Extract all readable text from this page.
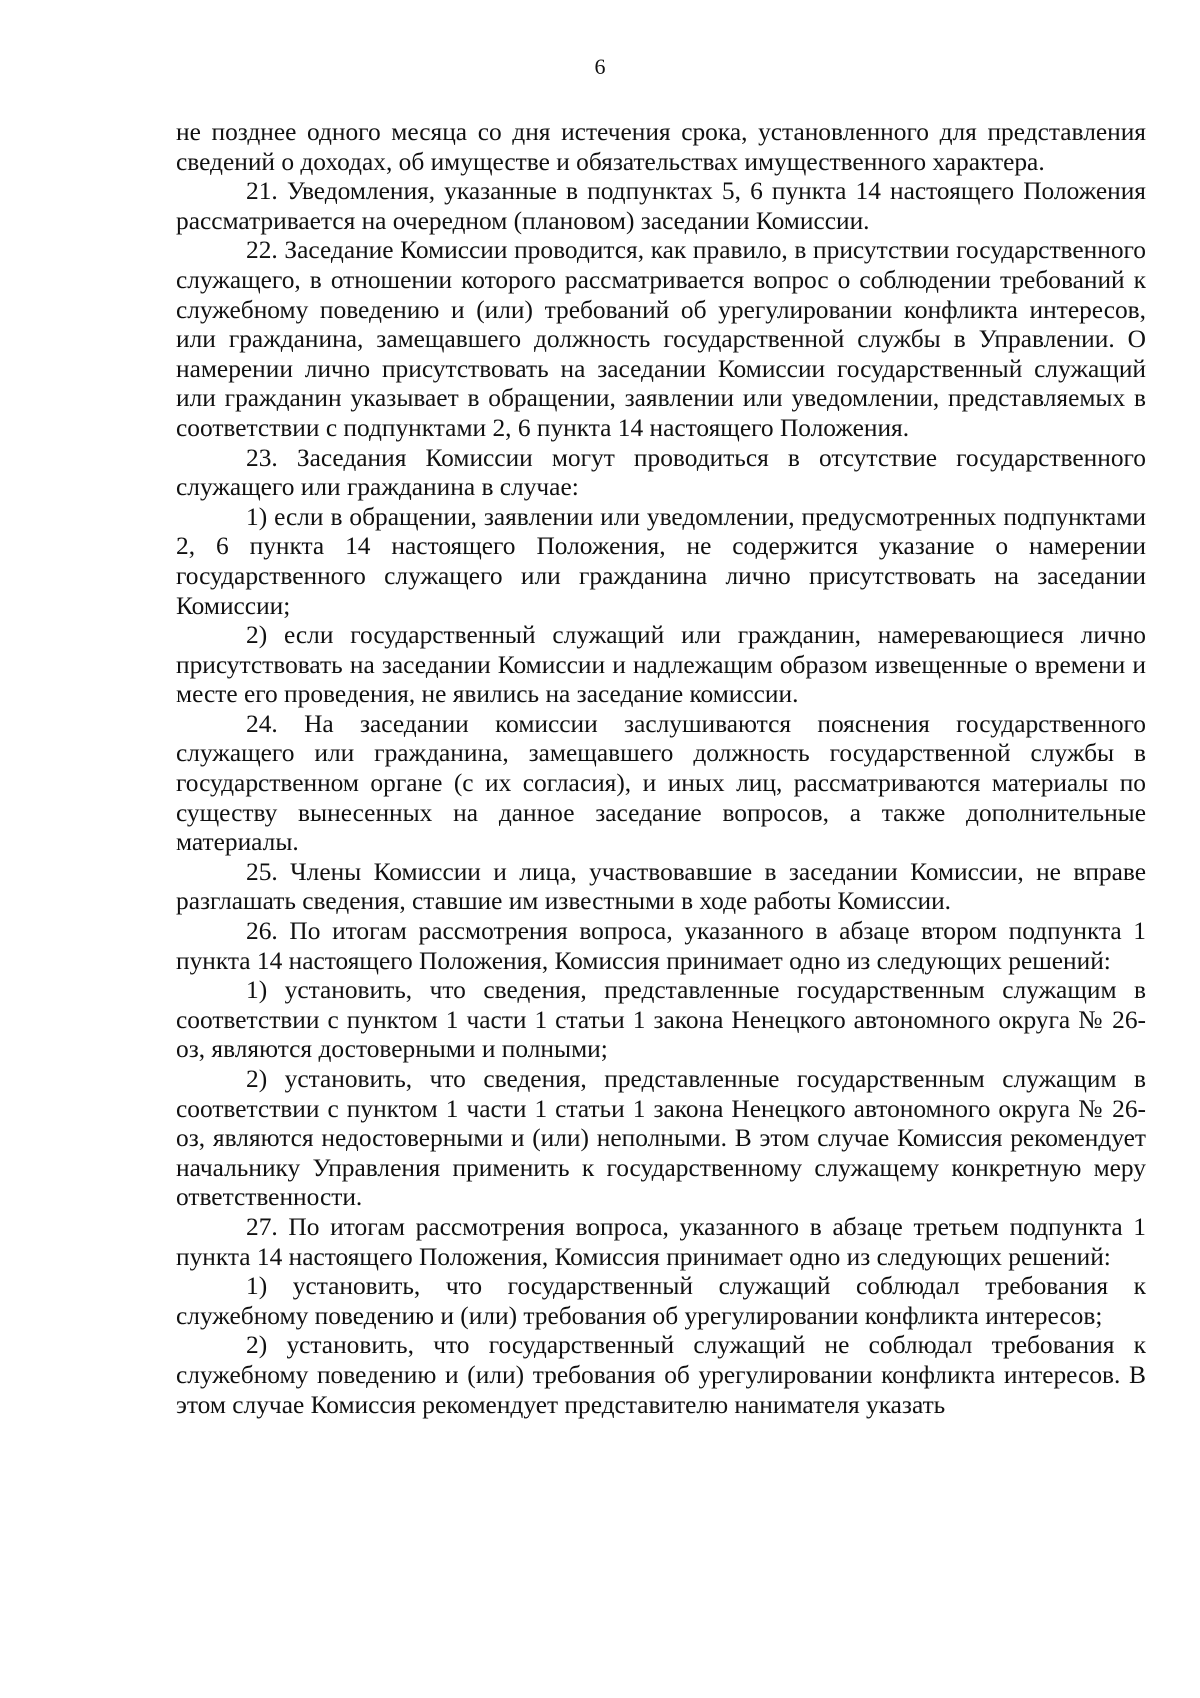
6

не позднее одного месяца со дня истечения срока, установленного для представления сведений о доходах, об имуществе и обязательствах имущественного характера.

21. Уведомления, указанные в подпунктах 5, 6 пункта 14 настоящего Положения рассматривается на очередном (плановом) заседании Комиссии.

22. Заседание Комиссии проводится, как правило, в присутствии государственного служащего, в отношении которого рассматривается вопрос о соблюдении требований к служебному поведению и (или) требований об урегулировании конфликта интересов, или гражданина, замещавшего должность государственной службы в Управлении. О намерении лично присутствовать на заседании Комиссии государственный служащий или гражданин указывает в обращении, заявлении или уведомлении, представляемых в соответствии с подпунктами 2, 6 пункта 14 настоящего Положения.

23. Заседания Комиссии могут проводиться в отсутствие государственного служащего или гражданина в случае:

1) если в обращении, заявлении или уведомлении, предусмотренных подпунктами 2, 6 пункта 14 настоящего Положения, не содержится указание о намерении государственного служащего или гражданина лично присутствовать на заседании Комиссии;

2) если государственный служащий или гражданин, намеревающиеся лично присутствовать на заседании Комиссии и надлежащим образом извещенные о времени и месте его проведения, не явились на заседание комиссии.

24. На заседании комиссии заслушиваются пояснения государственного служащего или гражданина, замещавшего должность государственной службы в государственном органе (с их согласия), и иных лиц, рассматриваются материалы по существу вынесенных на данное заседание вопросов, а также дополнительные материалы.

25. Члены Комиссии и лица, участвовавшие в заседании Комиссии, не вправе разглашать сведения, ставшие им известными в ходе работы Комиссии.

26. По итогам рассмотрения вопроса, указанного в абзаце втором подпункта 1 пункта 14 настоящего Положения, Комиссия принимает одно из следующих решений:

1) установить, что сведения, представленные государственным служащим в соответствии с пунктом 1 части 1 статьи 1 закона Ненецкого автономного округа № 26-оз, являются достоверными и полными;

2) установить, что сведения, представленные государственным служащим в соответствии с пунктом 1 части 1 статьи 1 закона Ненецкого автономного округа № 26-оз, являются недостоверными и (или) неполными. В этом случае Комиссия рекомендует начальнику Управления применить к государственному служащему конкретную меру ответственности.

27. По итогам рассмотрения вопроса, указанного в абзаце третьем подпункта 1 пункта 14 настоящего Положения, Комиссия принимает одно из следующих решений:

1) установить, что государственный служащий соблюдал требования к служебному поведению и (или) требования об урегулировании конфликта интересов;

2) установить, что государственный служащий не соблюдал требования к служебному поведению и (или) требования об урегулировании конфликта интересов. В этом случае Комиссия рекомендует представителю нанимателя указать
